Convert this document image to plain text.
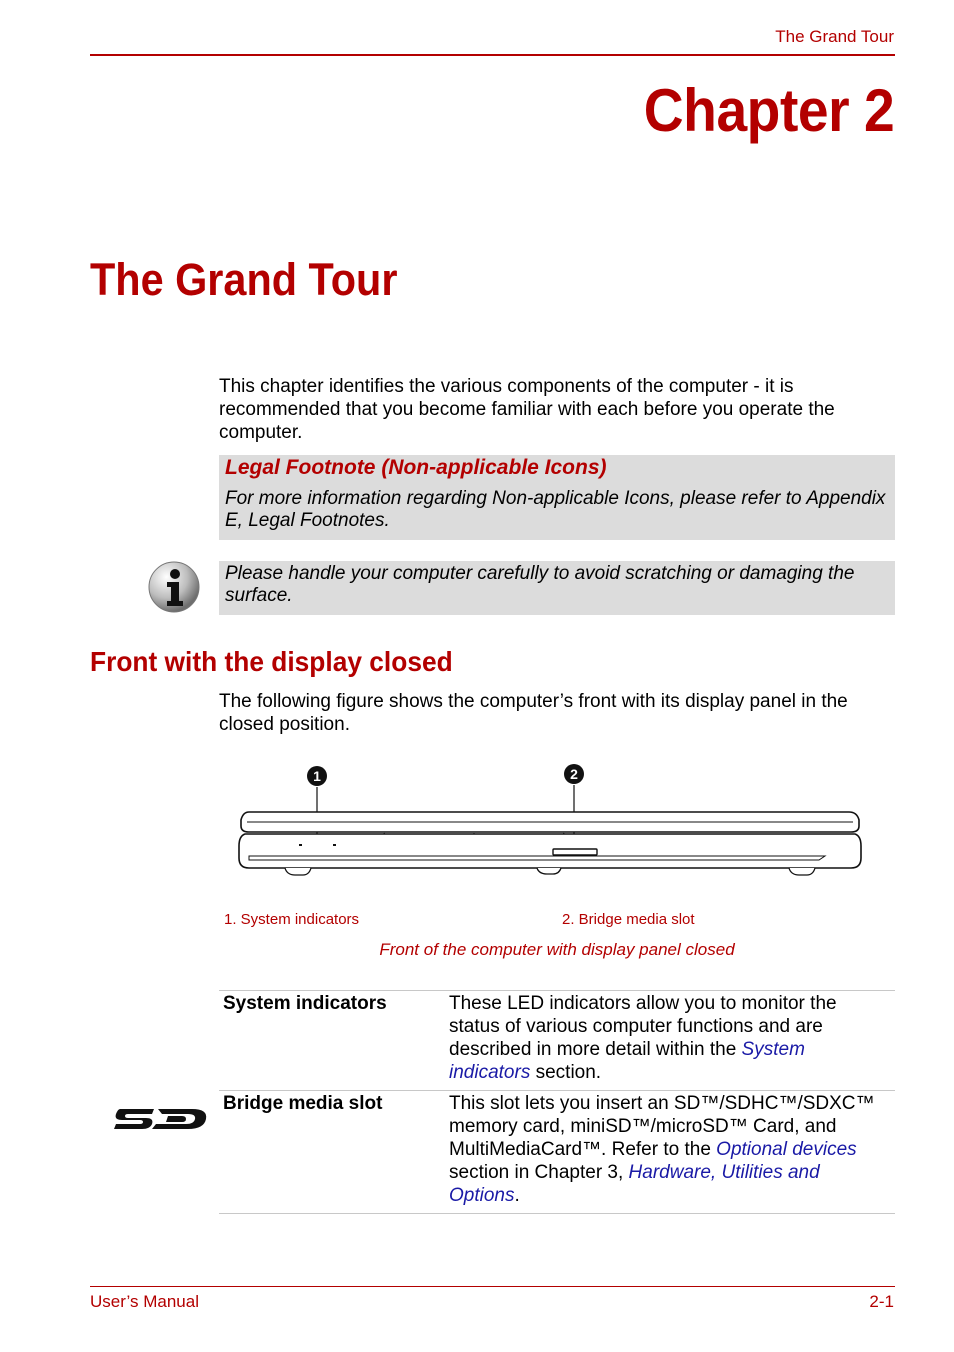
The Grand Tour
Chapter 2
The Grand Tour
This chapter identifies the various components of the computer - it is recommended that you become familiar with each before you operate the computer.
Legal Footnote (Non-applicable Icons)
For more information regarding Non-applicable Icons, please refer to Appendix E, Legal Footnotes.
Please handle your computer carefully to avoid scratching or damaging the surface.
Front with the display closed
The following figure shows the computer’s front with its display panel in the closed position.
1	2
1. System indicators	2. Bridge media slot
Front of the computer with display panel closed
System indicators	These LED indicators allow you to monitor the status of various computer functions and are described in more detail within the System indicators section.
Bridge media slot	This slot lets you insert an SD™/SDHC™/SDXC™ memory card, miniSD™/microSD™ Card, and MultiMediaCard™. Refer to the Optional devices section in Chapter 3, Hardware, Utilities and Options.
User’s Manual	2-1
